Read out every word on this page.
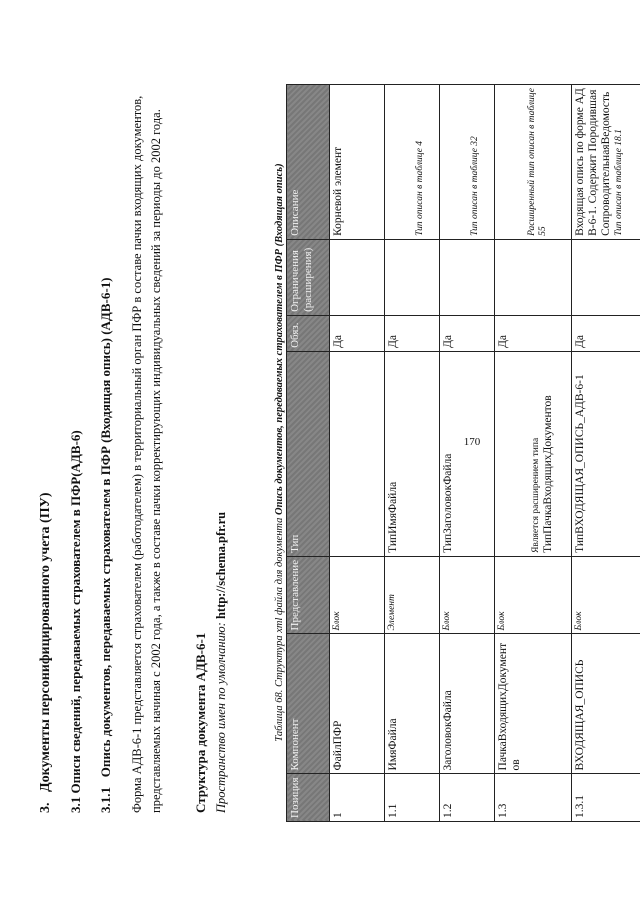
170
3.   Документы персонифицированного учета (ПУ) 3.1 Описи сведений, передаваемых страхователем в ПФР(АДВ-6) 3.1.1   Опись документов, передаваемых страхователем в ПФР (Входящая опись) (АДВ-6-1) Форма АДВ-6-1 представляется страхователем (работодателем) в территориальный орган ПФР в составе пачки входящих документов, представляемых начиная с 2002 года, а также в составе пачки корректирующих индивидуальных сведений за периоды до 2002 года. Структура документа АДВ-6-1 Пространство имен по умолчанию: http://schema.pfr.ru	Таблица 68. Структура xml файла для документа Опись документов, передаваемых страхователем в ПФР (Входящая опись)
Позиция	Компонент	Представление	Тип	Обяз.	Ограничения (расширения)	Описание
1	ФайлПФР	Блок		Да		Корневой элемент
1.1	ИмяФайла	Элемент	ТипИмяФайла	Да		Тип описан в таблице 4

1.2	ЗаголовокФайла	Блок	ТипЗаголовокФайла	Да		Тип описан в таблице 32

1.3	ПачкаВходящихДокументов	Блок	Является расширением типа ТипПачкаВходящихДокументов	Да		Расширенный тип описан в таблице 55

1.3.1	ВХОДЯЩАЯ_ОПИСЬ	Блок	ТипВХОДЯЩАЯ_ОПИСЬ_АДВ-6-1	Да		Входящая опись по форме АДВ-6-1. Содержит ПородившаяСопроводительнаяВедомость Тип описан в таблице 18.1
